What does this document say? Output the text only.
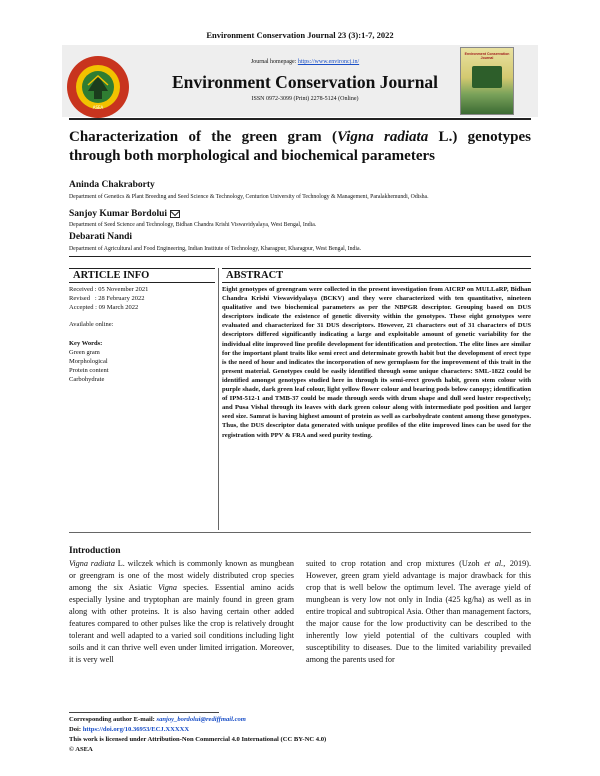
Environment Conservation Journal 23 (3):1-7, 2022
ASEA
Journal homepage: https://www.environcj.in/
Environment Conservation Journal
ISSN 0972-3099 (Print) 2278-5124 (Online)
Environment Conservation Journal
Characterization of the green gram (Vigna radiata L.) genotypes

through both morphological and biochemical parameters
Aninda Chakraborty
Department of Genetics & Plant Breeding and Seed Science & Technology, Centurion University of Technology & Management, Paralakhemundi, Odisha.
Sanjoy Kumar Bordolui
Department of Seed Science and Technology, Bidhan Chandra Krishi Viswavidyalaya, West Bengal, India.
Debarati Nandi
Department of Agricultural and Food Engineering, Indian Institute of Technology, Kharagpur, Kharagpur, West Bengal, India.
ARTICLE INFO	ABSTRACT
Received : 05 November 2021
Revised   : 28 February 2022
Accepted : 09 March 2022
Available online:
Key Words:
Green gram
Morphological
Protein content
Carbohydrate
Eight genotypes of greengram were collected in the present investigation from AICRP on MULLaRP, Bidhan Chandra Krishi Viswavidyalaya (BCKV) and they were characterized with ten quantitative, nineteen qualitative and two biochemical parameters as per the NBPGR descriptor. Grouping based on DUS descriptors indicate the existence of genetic diversity within the genotypes. These eight genotypes were evaluated and characterized for 31 DUS descriptors. However, 21 characters out of 31 characters of DUS descriptors differed significantly indicating a large and exploitable amount of genetic variability for the individual elite improved line profile development for identification and protection. The elite lines are similar for the important plant traits like semi erect and determinate growth habit but the development of erect type is the need of hour and indicates the incorporation of new germplasm for the improvement of this trait in the present material. Genotypes could be easily identified through some unique characters: SML-1822 could be identified amongst genotypes studied here in through its semi-erect growth habit, green stem colour with purple shade, dark green leaf colour, light yellow flower colour and bearing pods below canopy; identification of IPM-512-1 and TMB-37 could be made through seeds with drum shape and dull seed luster respectively; and Pusa Vishal through its leaves with dark green colour along with intermediate pod position and larger seed size. Samrat is having highest amount of protein as well as carbohydrate content among these genotypes. Thus, the DUS descriptor data generated with unique profiles of the elite improved lines can be used for the registration with PPV & FRA and seed purity testing.
Introduction
Vigna radiata L. wilczek which is commonly known as mungbean or greengram is one of the most widely distributed crop species among the six Asiatic Vigna species. Essential amino acids especially lysine and tryptophan are mainly found in green gram along with other proteins. It is also having certain other added features compared to other pulses like the crop is relatively drought tolerant and well adapted to a varied soil conditions including light soils and it can thrive well even under limited irrigation. Moreover, it is very well
suited to crop rotation and crop mixtures (Uzoh et al., 2019). However, green gram yield advantage is major drawback for this crop that is well below the optimum level. The average yield of mungbean is very low not only in India (425 kg/ha) as well as in entire tropical and subtropical Asia. Other than management factors, the major cause for the low productivity can be described to the inherently low yield potential of the cultivars coupled with susceptibility to diseases. Due to the limited variability prevailed among the parents used for
Corresponding author E-mail: sanjoy_bordolui@rediffmail.com
Doi: https://doi.org/10.36953/ECJ.XXXXX
This work is licensed under Attribution-Non Commercial 4.0 International (CC BY-NC 4.0)
© ASEA
